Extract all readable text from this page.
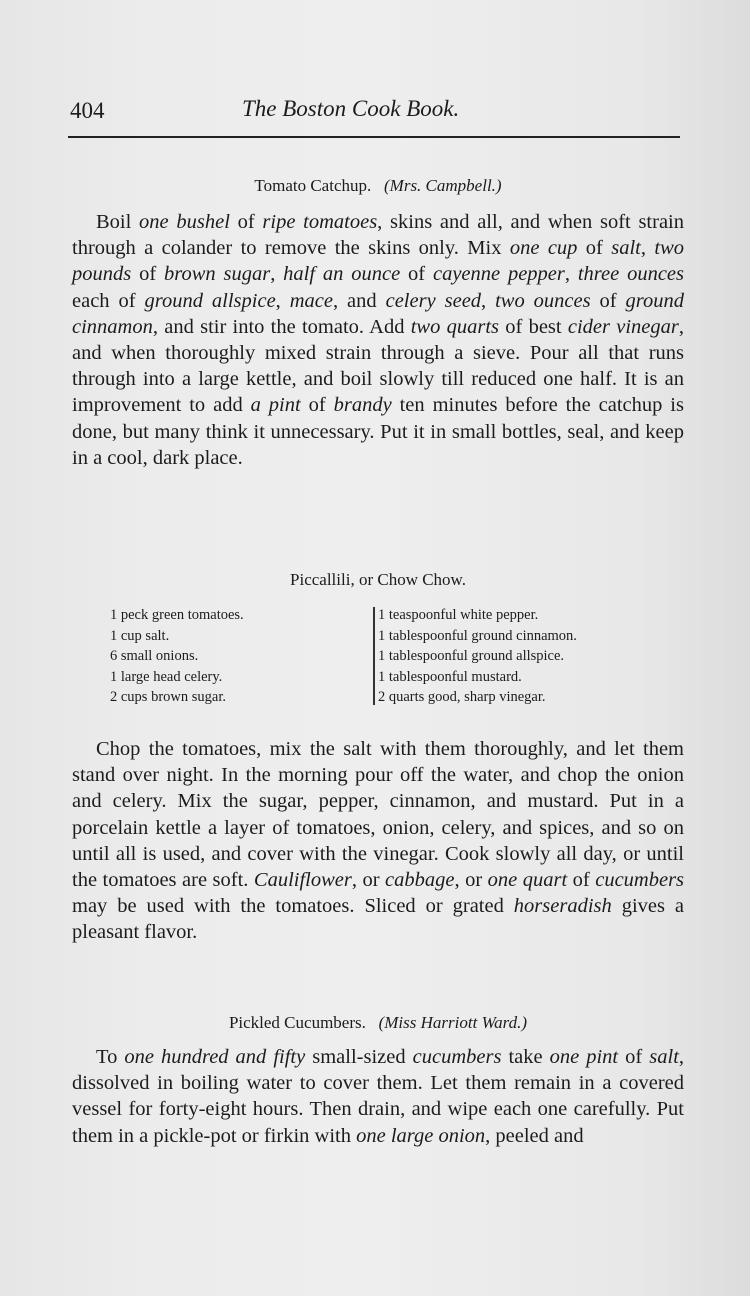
404	The Boston Cook Book.
Tomato Catchup. (Mrs. Campbell.)
Boil one bushel of ripe tomatoes, skins and all, and when soft strain through a colander to remove the skins only. Mix one cup of salt, two pounds of brown sugar, half an ounce of cayenne pepper, three ounces each of ground allspice, mace, and celery seed, two ounces of ground cinnamon, and stir into the tomato. Add two quarts of best cider vinegar, and when thoroughly mixed strain through a sieve. Pour all that runs through into a large kettle, and boil slowly till reduced one half. It is an improvement to add a pint of brandy ten minutes before the catchup is done, but many think it unnecessary. Put it in small bottles, seal, and keep in a cool, dark place.
Piccallili, or Chow Chow.
1 peck green tomatoes.
1 cup salt.
6 small onions.
1 large head celery.
2 cups brown sugar.
1 teaspoonful white pepper.
1 tablespoonful ground cinnamon.
1 tablespoonful ground allspice.
1 tablespoonful mustard.
2 quarts good, sharp vinegar.
Chop the tomatoes, mix the salt with them thoroughly, and let them stand over night. In the morning pour off the water, and chop the onion and celery. Mix the sugar, pepper, cinnamon, and mustard. Put in a porcelain kettle a layer of tomatoes, onion, celery, and spices, and so on until all is used, and cover with the vinegar. Cook slowly all day, or until the tomatoes are soft. Cauliflower, or cabbage, or one quart of cucumbers may be used with the tomatoes. Sliced or grated horseradish gives a pleasant flavor.
Pickled Cucumbers. (Miss Harriott Ward.)
To one hundred and fifty small-sized cucumbers take one pint of salt, dissolved in boiling water to cover them. Let them remain in a covered vessel for forty-eight hours. Then drain, and wipe each one carefully. Put them in a pickle-pot or firkin with one large onion, peeled and
